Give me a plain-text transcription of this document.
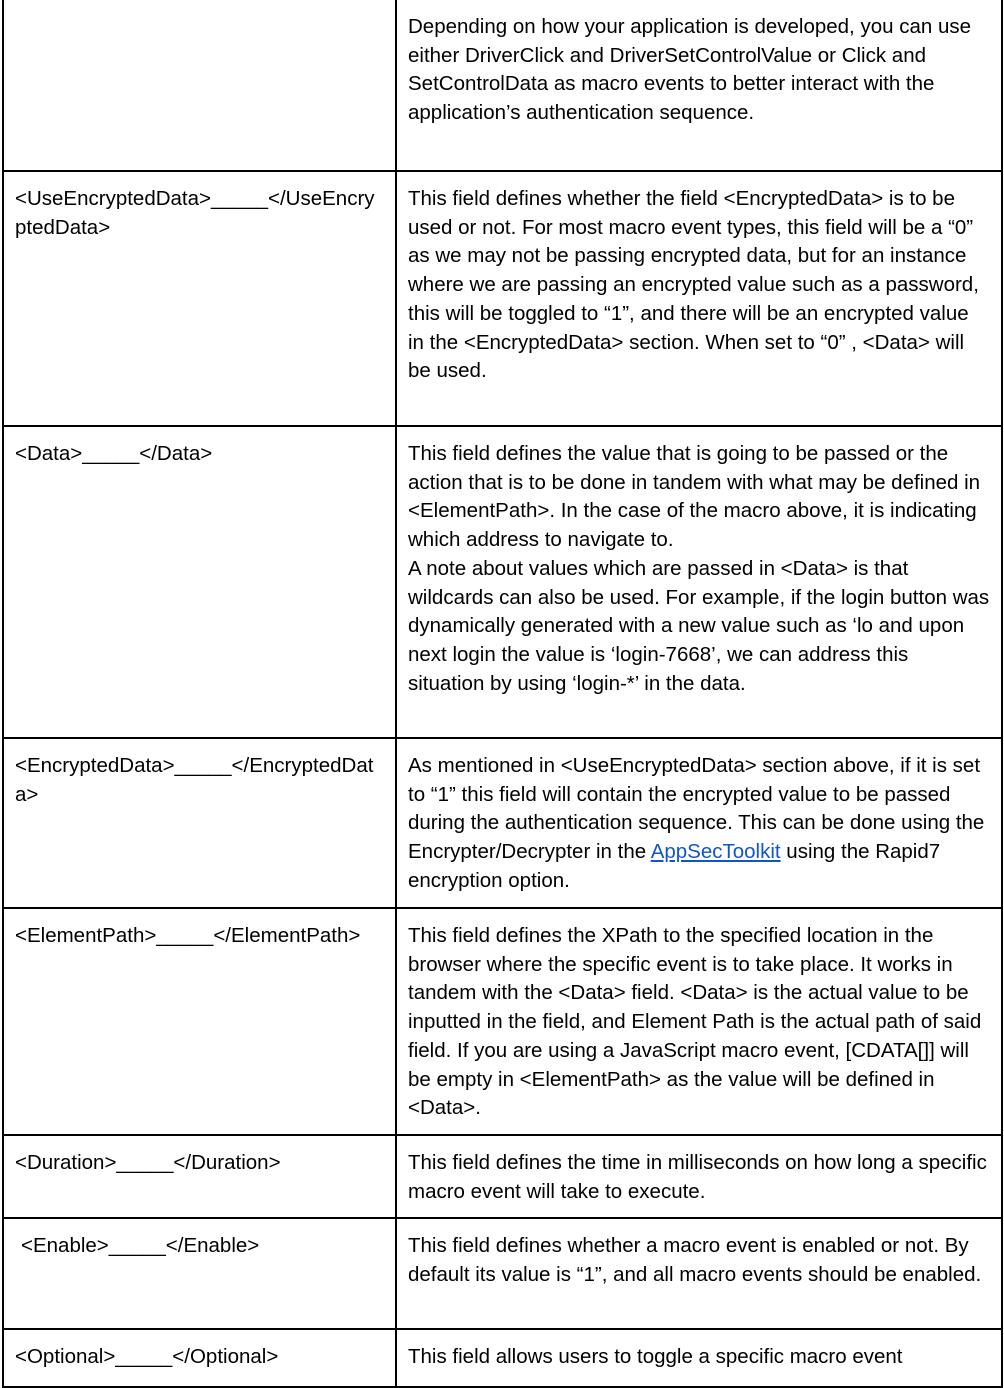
	Depending on how your application is developed, you can use either DriverClick and DriverSetControlValue or Click and SetControlData as macro events to better interact with the application’s authentication sequence.
<UseEncryptedData>_____</UseEncryptedData>	This field defines whether the field <EncryptedData> is to be used or not. For most macro event types, this field will be a “0” as we may not be passing encrypted data, but for an instance where we are passing an encrypted value such as a password, this will be toggled to “1”, and there will be an encrypted value in the <EncryptedData> section. When set to “0” , <Data> will be used.
<Data>_____</Data>	This field defines the value that is going to be passed or the action that is to be done in tandem with what may be defined in <ElementPath>. In the case of the macro above, it is indicating which address to navigate to.
A note about values which are passed in <Data> is that wildcards can also be used. For example, if the login button was dynamically generated with a new value such as ‘lo and upon next login the value is ‘login-7668’, we can address this situation by using ‘login-*’ in the data.

<EncryptedData>_____</EncryptedData>	As mentioned in <UseEncryptedData> section above, if it is set to “1” this field will contain the encrypted value to be passed during the authentication sequence. This can be done using the Encrypter/Decrypter in the AppSecToolkit using the Rapid7 encryption option.
<ElementPath>_____</ElementPath>	This field defines the XPath to the specified location in the browser where the specific event is to take place. It works in tandem with the <Data> field. <Data> is the actual value to be inputted in the field, and Element Path is the actual path of said field. If you are using a JavaScript macro event, [CDATA[]] will be empty in <ElementPath> as the value will be defined in <Data>.
<Duration>_____</Duration>	This field defines the time in milliseconds on how long a specific macro event will take to execute.
<Enable>_____</Enable>	This field defines whether a macro event is enabled or not. By default its value is “1”, and all macro events should be enabled.
<Optional>_____</Optional>	This field allows users to toggle a specific macro event
